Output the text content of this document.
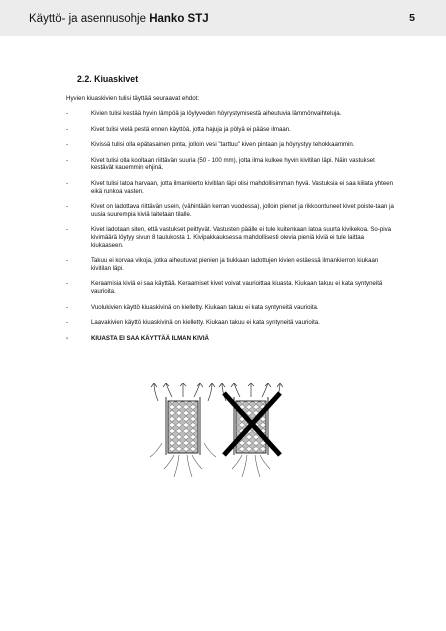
Käyttö- ja asennusohje Hanko STJ	5
2.2. Kiuaskivet
Hyvien kiuaskivien tulisi täyttää seuraavat ehdot:
-	Kivien tulisi kestää hyvin lämpöä ja löylyveden höyrystymisestä aiheutuvia lämmönvaihteluja.
-	Kivet tulisi vielä pestä ennen käyttöä, jotta hajuja ja pölyä ei pääse ilmaan.
-	Kivissä tulisi olla epätasainen pinta, jolloin vesi "tarttuu" kiven pintaan ja höyrystyy tehokkaammin.
-	Kivet tulisi olla kooltaan riittävän suuria (50 - 100 mm), jotta ilma kulkee hyvin kivitilan läpi. Näin vastukset kestävät kauemmin ehjinä.
-	Kivet tulisi latoa harvaan, jotta ilmankierto kivitilan läpi olisi mahdollisimman hyvä. Vastuksia ei saa kiilata yhteen eikä runkoa vasten.
-	Kivet on ladottava riittävän usein, (vähintään kerran vuodessa), jolloin pienet ja rikkoontuneet kivet poiste-taan ja uusia suurempia kiviä laitetaan tilalle.
-	Kivet ladotaan siten, että vastukset peittyvät. Vastusten päälle ei tule kuitenkaan latoa suurta kivikekoa. So-piva kivimäärä löytyy sivun 8 taulukosta 1. Kivipakkauksessa mahdollisesti olevia pieniä kiviä ei tule laittaa kiukaaseen.
-	Takuu ei korvaa vikoja, jotka aiheutuvat pienien ja tiukkaan ladottujen kivien estäessä ilmankierron kiukaan kivitilan läpi.
-	Keraamisia kiviä ei saa käyttää. Keraamiset kivet voivat vaurioittaa kiuasta. Kiukaan takuu ei kata syntyneitä vaurioita.
-	Vuolukivien käyttö kiuaskivinä on kielletty. Kiukaan takuu ei kata syntyneitä vaurioita.
-	Laavakivien käyttö kiuaskivinä on kielletty. Kiukaan takuu ei kata syntyneitä vaurioita.
-	KIUASTA EI SAA KÄYTTÄÄ ILMAN KIVIÄ
